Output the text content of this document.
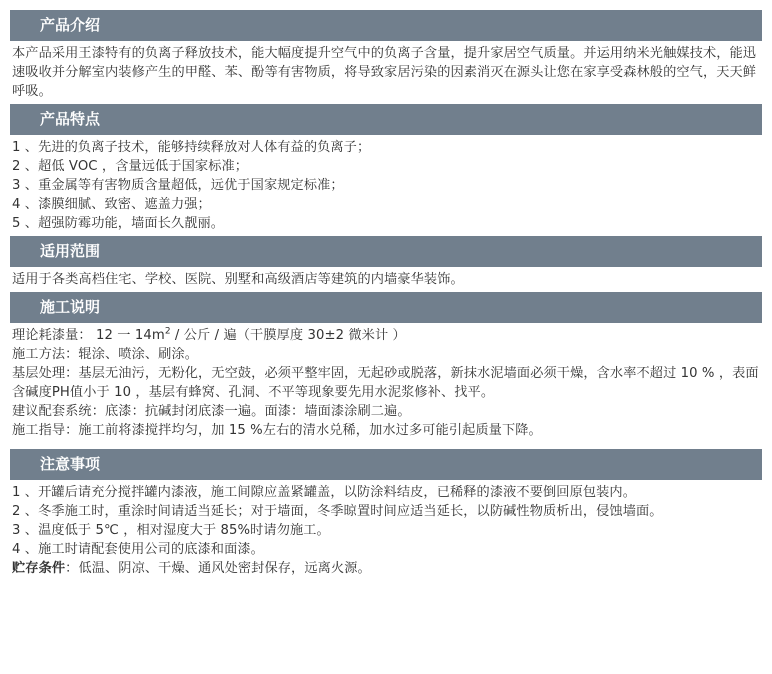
产品介绍
本产品采用王漆特有的负离子释放技术，能大幅度提升空气中的负离子含量，提升家居空气质量。并运用纳米光触媒技术，能迅速吸收并分解室内装修产生的甲醛、苯、酚等有害物质，将导致家居污染的因素消灭在源头让您在家享受森林般的空气，天天鲜呼吸。
产品特点
1 、先进的负离子技术，能够持续释放对人体有益的负离子；
2 、超低 VOC ，含量远低于国家标准；
3 、重金属等有害物质含量超低，远优于国家规定标准；
4 、漆膜细腻、致密、遮盖力强；
5 、超强防霉功能，墙面长久靓丽。
适用范围
适用于各类高档住宅、学校、医院、别墅和高级酒店等建筑的内墙豪华装饰。
施工说明
理论耗漆量： 12 一 $14m^2$ / 公斤 / 遍（干膜厚度 30±2 微米计 ）
施工方法：辊涂、喷涂、刷涂。
基层处理：基层无油污，无粉化，无空鼓，必须平整牢固，无起砂或脱落，新抹水泥墙面必须干燥，含水率不超过 10 % ，表面含碱度PH值小于 10 ，基层有蜂窝、孔洞、不平等现象要先用水泥浆修补、找平。
建议配套系统：底漆：抗碱封闭底漆一遍。面漆：墙面漆涂刷二遍。
施工指导：施工前将漆搅拌均匀，加 15 %左右的清水兑稀，加水过多可能引起质量下降。
注意事项
1 、开罐后请充分搅拌罐内漆液，施工间隙应盖紧罐盖，以防涂料结皮，已稀释的漆液不要倒回原包装内。
2 、冬季施工时，重涂时间请适当延长；对于墙面，冬季晾置时间应适当延长，以防碱性物质析出，侵蚀墙面。
3 、温度低于 5℃ ，相对湿度大于 85%时请勿施工。
4 、施工时请配套使用公司的底漆和面漆。
贮存条件：低温、阴凉、干燥、通风处密封保存，远离火源。
